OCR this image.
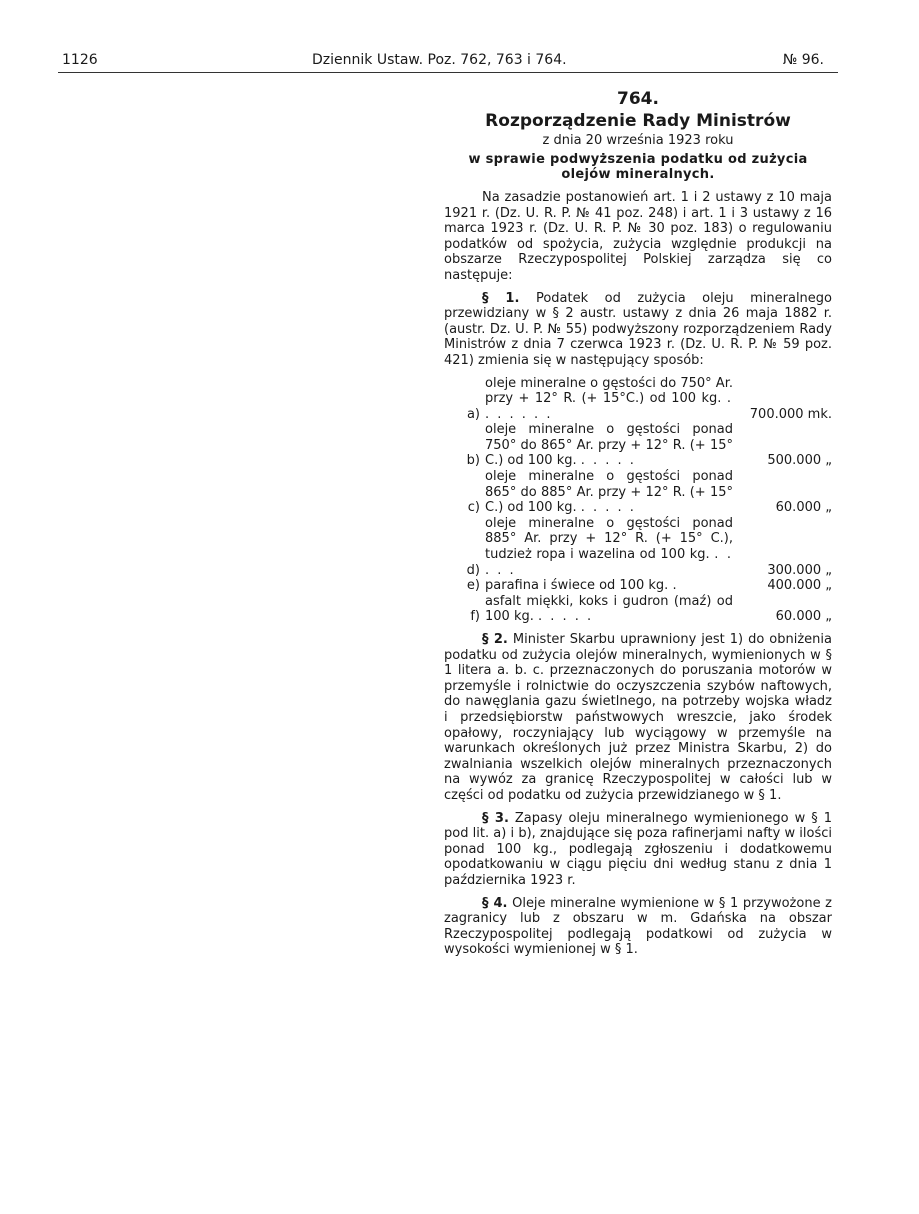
1126	Dziennik Ustaw. Poz. 762, 763 i 764.	№ 96.
764.
Rozporządzenie Rady Ministrów
z dnia 20 września 1923 roku
w sprawie podwyższenia podatku od zużycia olejów mineralnych.

Na zasadzie postanowień art. 1 i 2 ustawy z 10 maja 1921 r. (Dz. U. R. P. № 41 poz. 248) i art. 1 i 3 ustawy z 16 marca 1923 r. (Dz. U. R. P. № 30 poz. 183) o regulowaniu podatków od spożycia, zużycia względnie produkcji na obszarze Rzeczypospolitej Polskiej zarządza się co następuje:

§ 1. Podatek od zużycia oleju mineralnego przewidziany w § 2 austr. ustawy z dnia 26 maja 1882 r. (austr. Dz. U. P. № 55) podwyższony rozporządzeniem Rady Ministrów z dnia 7 czerwca 1923 r. (Dz. U. R. P. № 59 poz. 421) zmienia się w następujący sposób:

a)
oleje mineralne o gęstości do 750° Ar. przy + 12° R. (+ 15°C.) od 100 kg. . . . . . . .	700.000 mk.
b)
oleje mineralne o gęstości ponad 750° do 865° Ar. przy + 12° R. (+ 15° C.) od 100 kg. . . . . .	500.000 „
c)
oleje mineralne o gęstości ponad 865° do 885° Ar. przy + 12° R. (+ 15° C.) od 100 kg. . . . . .	60.000 „
d)
oleje mineralne o gęstości ponad 885° Ar. przy + 12° R. (+ 15° C.), tudzież ropa i wazelina od 100 kg. . . . . .	300.000 „
e) parafina i świece od 100 kg. .	400.000 „
f)
asfalt miękki, koks i gudron (maź) od 100 kg. . . . . .	60.000 „

§ 2. Minister Skarbu uprawniony jest 1) do obniżenia podatku od zużycia olejów mineralnych, wymienionych w § 1 litera a. b. c. przeznaczonych do poruszania motorów w przemyśle i rolnictwie do oczyszczenia szybów naftowych, do nawęglania gazu świetlnego, na potrzeby wojska władz i przedsiębiorstw państwowych wreszcie, jako środek opałowy, roczyniający lub wyciągowy w przemyśle na warunkach określonych już przez Ministra Skarbu, 2) do zwalniania wszelkich olejów mineralnych przeznaczonych na wywóz za granicę Rzeczypospolitej w całości lub w części od podatku od zużycia przewidzianego w § 1.

§ 3. Zapasy oleju mineralnego wymienionego w § 1 pod lit. a) i b), znajdujące się poza rafinerjami nafty w ilości ponad 100 kg., podlegają zgłoszeniu i dodatkowemu opodatkowaniu w ciągu pięciu dni według stanu z dnia 1 października 1923 r.

§ 4. Oleje mineralne wymienione w § 1 przywożone z zagranicy lub z obszaru w m. Gdańska na obszar Rzeczypospolitej podlegają podatkowi od zużycia w wysokości wymienionej w § 1.
